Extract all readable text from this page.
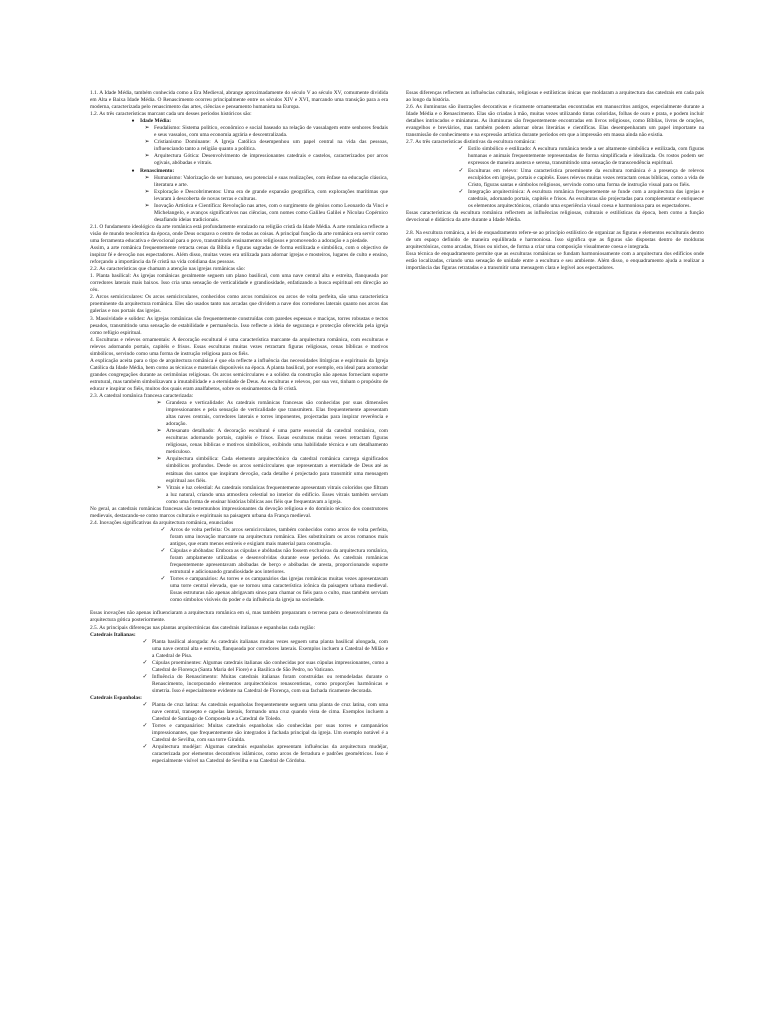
1.1. A Idade Média, também conhecida como a Era Medieval, abrange aproximadamente do século V ao século XV, comumente dividida em Alta e Baixa Idade Média. O Renascimento ocorreu principalmente entre os séculos XIV e XVI, marcando uma transição para a era moderna, caracterizada pelo renascimento das artes, ciências e pensamento humanista na Europa.

1.2. As três características marcant cada um desses períodos históricos são:

●	Idade Média:
➢ Feudalismo: Sistema político, econômico e social baseado na relação de vassalagem entre senhores feudais e seus vassalos, com uma economia agrária e descentralizada.
➢ Cristianismo Dominante: A Igreja Católica desempenhou um papel central na vida das pessoas, influenciando tanto a religião quanto a política.
➢ Arquitectura Gótica: Desenvolvimento de impressionantes catedrais e castelos, caracterizados por arcos ogivais, abóbadas e vitrais.
●	Renascimento:
➢ Humanismo: Valorização do ser humano, seu potencial e suas realizações, com ênfase na educação clássica, literatura e arte.
➢ Exploração e Descobrimentos: Uma era de grande expansão geográfica, com explorações marítimas que levaram à descoberta de novas terras e culturas.
➢ Inovação Artística e Científica: Revolução nas artes, com o surgimento de génios como Leonardo da Vinci e Michelangelo, e avanços significativos nas ciências, com nomes como Galileu Galilei e Nicolau Copérnico desafiando ideias tradicionais.

2.1. O fundamento ideológico da arte românica está profundamente enraizado na religião cristã da Idade Média. A arte românica reflecte a visão de mundo teocêntrica da época, onde Deus ocupava o centro de todas as coisas. A principal função da arte românica era servir como uma ferramenta educativa e devocional para o povo, transmitindo ensinamentos religiosos e promovendo a adoração e a piedade.

Assim, a arte românica frequentemente retracta cenas da Bíblia e figuras sagradas de forma estilizada e simbólica, com o objectivo de inspirar fé e devoção nos espectadores. Além disso, muitas vezes era utilizada para adornar igrejas e mosteiros, lugares de culto e ensino, reforçando a importância da fé cristã na vida cotidiana das pessoas.

2.2. As características que chamam a atenção nas igrejas românicas são:

1. Planta basilical: As igrejas românicas geralmente seguem um plano basilical, com uma nave central alta e estreita, flanqueada por corredores laterais mais baixos. Isso cria uma sensação de verticalidade e grandiosidade, enfatizando a busca espiritual em direcção ao céu.

2. Arcos semicirculares: Os arcos semicirculares, conhecidos como arcos românicos ou arcos de volta perfeita, são uma característica proeminente da arquitectura românica. Eles são usados tanto nas arcadas que dividem a nave dos corredores laterais quanto nos arcos das galerias e nos portais das igrejas.

3. Massividade e solidez: As igrejas românicas são frequentemente construídas com paredes espessas e maciças, torres robustas e tectos pesados, transmitindo uma sensação de estabilidade e permanência. Isso reflecte a ideia de segurança e protecção oferecida pela igreja como refúgio espiritual.

4. Esculturas e relevos ornamentais: A decoração escultural é uma característica marcante da arquitectura românica, com esculturas e relevos adornando portais, capitéis e frisos. Essas esculturas muitas vezes retractam figuras religiosas, cenas bíblicas e motivos simbólicos, servindo como uma forma de instrução religiosa para os fiéis.

A explicação aceita para o tipo de arquitectura românica é que ela reflecte a influência das necessidades litúrgicas e espirituais da Igreja Católica da Idade Média, bem como as técnicas e materiais disponíveis na época. A planta basilical, por exemplo, era ideal para acomodar grandes congregações durante as cerimônias religiosas. Os arcos semicirculares e a solidez da construção não apenas forneciam suporte estrutural, mas também simbolizavam a imutabilidade e a eternidade de Deus. As esculturas e relevos, por sua vez, tinham o propósito de educar e inspirar os fiéis, muitos dos quais eram analfabetos, sobre os ensinamentos da fé cristã.

2.3. A catedral românica francesa caracterizada:

➢ Grandeza e verticalidade: As catedrais românicas francesas são conhecidas por suas dimensões impressionantes e pela sensação de verticalidade que transmitem. Elas frequentemente apresentam altas naves centrais, corredores laterais e torres imponentes, projectadas para inspirar reverência e adoração.
➢ Artesanato detalhado: A decoração escultural é uma parte essencial da catedral românica, com esculturas adornando portais, capitéis e frisos. Essas esculturas muitas vezes retractam figuras religiosas, cenas bíblicas e motivos simbólicos, exibindo uma habilidade técnica e um detalhamento meticuloso.
➢ Arquitectura simbólica: Cada elemento arquitectónico da catedral românica carrega significados simbólicos profundos. Desde os arcos semicirculares que representam a eternidade de Deus até as estátuas dos santos que inspiram devoção, cada detalhe é projectado para transmitir uma mensagem espiritual aos fiéis.
➢ Vitrais e luz celestial: As catedrais românicas frequentemente apresentam vitrais coloridos que filtram a luz natural, criando uma atmosfera celestial no interior do edifício. Esses vitrais também serviam como uma forma de ensinar histórias bíblicas aos fiéis que frequentavam a igreja.

No geral, as catedrais românicas francesas são testemunhos impressionantes da devoção religiosa e do domínio técnico dos construtores medievais, destacando-se como marcos culturais e espirituais na paisagem urbana da França medieval.

2.4. Inovações significativas da arquitectura românica, enunciados

✓ Arcos de volta perfeita: Os arcos semicirculares, também conhecidos como arcos de volta perfeita, foram uma inovação marcante na arquitectura românica. Eles substituíram os arcos romanos mais antigos, que eram menos estáveis e exigiam mais material para construção.
✓ Cúpulas e abóbadas: Embora as cúpulas e abóbadas não fossem exclusivas da arquitectura românica, foram amplamente utilizadas e desenvolvidas durante esse período. As catedrais românicas frequentemente apresentavam abóbadas de berço e abóbadas de aresta, proporcionando suporte estrutural e adicionando grandiosidade aos interiores.
✓ Torres e campanários: As torres e os campanários das igrejas românicas muitas vezes apresentavam uma torre central elevada, que se tornou uma característica icônica da paisagem urbana medieval. Essas estruturas não apenas abrigavam sinos para chamar os fiéis para o culto, mas também serviam como símbolos visíveis do poder e da influência da igreja na sociedade.

Essas inovações não apenas influenciaram a arquitectura românica em si, mas também prepararam o terreno para o desenvolvimento da arquitectura gótica posteriormente.

2.5. As principais diferenças nas plantas arquitectónicas das catedrais italianas e espanholas cada região:

Catedrais Italianas:

✓ Planta basilical alongada: As catedrais italianas muitas vezes seguem uma planta basilical alongada, com uma nave central alta e estreita, flanqueada por corredores laterais. Exemplos incluem a Catedral de Milão e a Catedral de Pisa.
✓ Cúpulas proeminentes: Algumas catedrais italianas são conhecidas por suas cúpulas impressionantes, como a Catedral de Florença (Santa Maria del Fiore) e a Basílica de São Pedro, no Vaticano.
✓ Influência do Renascimento: Muitas catedrais italianas foram construídas ou remodeladas durante o Renascimento, incorporando elementos arquitectónicos renascentistas, como proporções harmônicas e simetria. Isso é especialmente evidente na Catedral de Florença, com sua fachada ricamente decorada.

Catedrais Espanholas:

✓ Planta de cruz latina: As catedrais espanholas frequentemente seguem uma planta de cruz latina, com uma nave central, transepto e capelas laterais, formando uma cruz quando vista de cima. Exemplos incluem a Catedral de Santiago de Compostela e a Catedral de Toledo.
✓ Torres e campanários: Muitas catedrais espanholas são conhecidas por suas torres e campanários impressionantes, que frequentemente são integrados à fachada principal da igreja. Um exemplo notável é a Catedral de Sevilha, com sua torre Giralda.
✓ Arquitectura mudéjar: Algumas catedrais espanholas apresentam influências da arquitectura mudéjar, caracterizada por elementos decorativos islâmicos, como arcos de ferradura e padrões geométricos. Isso é especialmente visível na Catedral de Sevilha e na Catedral de Córdoba.

Essas diferenças reflectem as influências culturais, religiosas e estilísticas únicas que moldaram a arquitectura das catedrais em cada país ao longo da história.

2.6. As iluminuras são ilustrações decorativas e ricamente ornamentadas encontradas em manuscritos antigos, especialmente durante a Idade Média e o Renascimento. Elas são criadas à mão, muitas vezes utilizando tintas coloridas, folhas de ouro e prata, e podem incluir detalhes intrincados e miniaturas. As iluminuras são frequentemente encontradas em livros religiosos, como Bíblias, livros de orações, evangelhos e breviários, mas também podem adornar obras literárias e científicas. Elas desempenharam um papel importante na transmissão de conhecimento e na expressão artística durante períodos em que a impressão em massa ainda não existia.

2.7. As três características distintivas da escultura românica:

✓ Estilo simbólico e estilizado: A escultura românica tende a ser altamente simbólica e estilizada, com figuras humanas e animais frequentemente representadas de forma simplificada e idealizada. Os rostos podem ser expressos de maneira austera e serena, transmitindo uma sensação de transcendência espiritual.
✓ Esculturas em relevo: Uma característica proeminente da escultura românica é a presença de relevos esculpidos em igrejas, portais e capitéis. Esses relevos muitas vezes retractam cenas bíblicas, como a vida de Cristo, figuras santas e símbolos religiosos, servindo como uma forma de instrução visual para os fiéis.
✓ Integração arquitectónica: A escultura românica frequentemente se funde com a arquitectura das igrejas e catedrais, adornando portais, capitéis e frisos. As esculturas são projectadas para complementar e enriquecer os elementos arquitectónicos, criando uma experiência visual coesa e harmoniosa para os espectadores.

Essas características da escultura românica reflectem as influências religiosas, culturais e estilísticas da época, bem como a função devocional e didáctica da arte durante a Idade Média.

2.8. Na escultura românica, a lei de enquadramento refere-se ao princípio estilístico de organizar as figuras e elementos esculturais dentro de um espaço definido de maneira equilibrada e harmoniosa. Isso significa que as figuras são dispostas dentro de molduras arquitectónicas, como arcadas, frisos ou nichos, de forma a criar uma composição visualmente coesa e integrada.

Essa técnica de enquadramento permite que as esculturas românicas se fundam harmoniosamente com a arquitectura dos edifícios onde estão localizadas, criando uma sensação de unidade entre a escultura e seu ambiente. Além disso, o enquadramento ajuda a realizar a importância das figuras retratadas e a transmitir uma mensagem clara e legível aos espectadores.
